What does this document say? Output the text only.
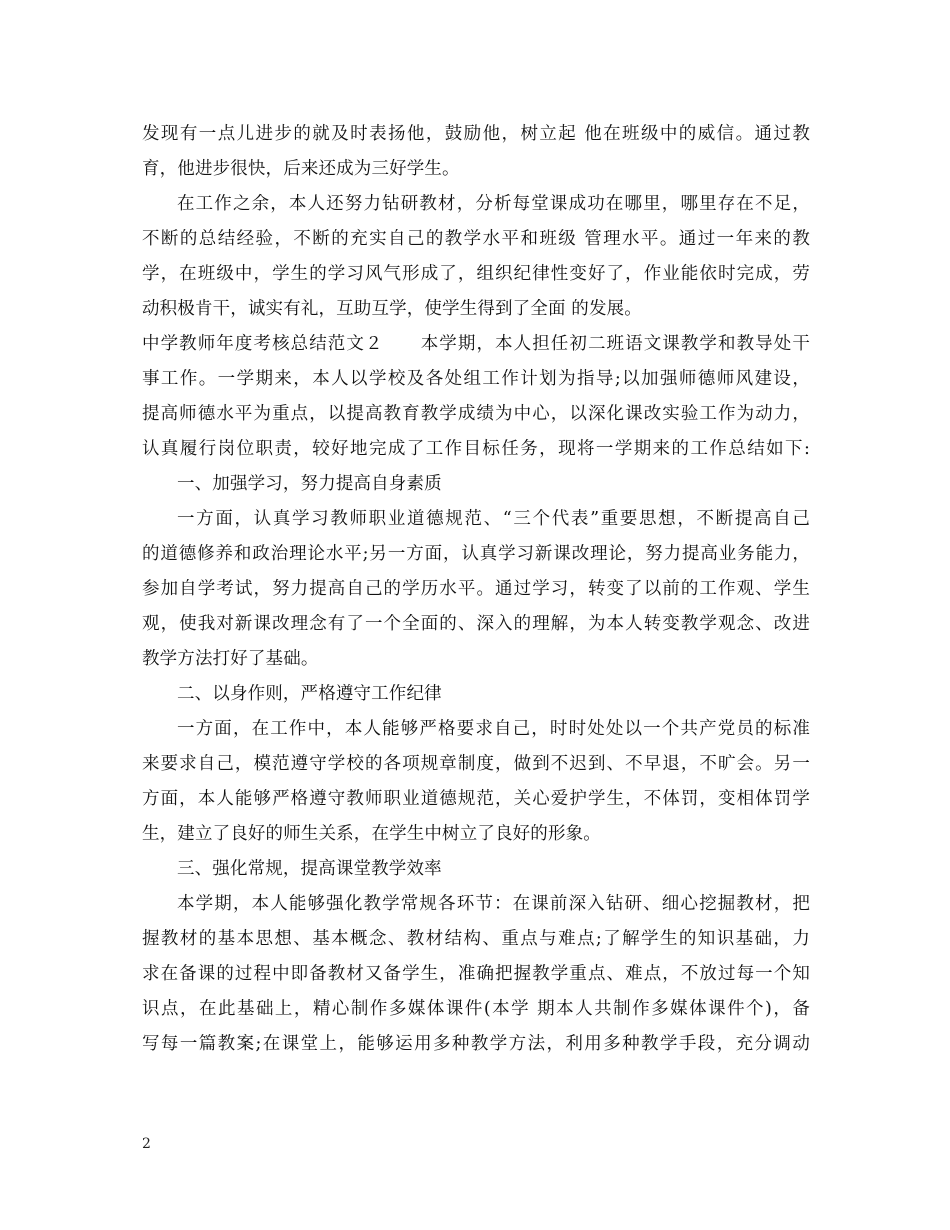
发现有一点儿进步的就及时表扬他，鼓励他，树立起 他在班级中的威信。通过教
育，他进步很快，后来还成为三好学生。
在工作之余，本人还努力钻研教材，分析每堂课成功在哪里，哪里存在不足，
不断的总结经验，不断的充实自己的教学水平和班级 管理水平。通过一年来的教
学，在班级中，学生的学习风气形成了，组织纪律性变好了，作业能依时完成，劳
动积极肯干，诚实有礼，互助互学，使学生得到了全面 的发展。
中学教师年度考核总结范文２　　本学期，本人担任初二班语文课教学和教导处干
事工作。一学期来，本人以学校及各处组工作计划为指导;以加强师德师风建设，
提高师德水平为重点，以提高教育教学成绩为中心，以深化课改实验工作为动力，
认真履行岗位职责，较好地完成了工作目标任务，现将一学期来的工作总结如下:
一、加强学习，努力提高自身素质
一方面，认真学习教师职业道德规范、“三个代表”重要思想，不断提高自己
的道德修养和政治理论水平;另一方面，认真学习新课改理论，努力提高业务能力，
参加自学考试，努力提高自己的学历水平。通过学习，转变了以前的工作观、学生
观，使我对新课改理念有了一个全面的、深入的理解，为本人转变教学观念、改进
教学方法打好了基础。
二、以身作则，严格遵守工作纪律
一方面，在工作中，本人能够严格要求自己，时时处处以一个共产党员的标准
来要求自己，模范遵守学校的各项规章制度，做到不迟到、不早退，不旷会。另一
方面，本人能够严格遵守教师职业道德规范，关心爱护学生，不体罚，变相体罚学
生，建立了良好的师生关系，在学生中树立了良好的形象。
三、强化常规，提高课堂教学效率
本学期，本人能够强化教学常规各环节：在课前深入钻研、细心挖掘教材，把
握教材的基本思想、基本概念、教材结构、重点与难点;了解学生的知识基础，力
求在备课的过程中即备教材又备学生，准确把握教学重点、难点，不放过每一个知
识点，在此基础上，精心制作多媒体课件(本学 期本人共制作多媒体课件个)，备
写每一篇教案;在课堂上，能够运用多种教学方法，利用多种教学手段，充分调动
2
